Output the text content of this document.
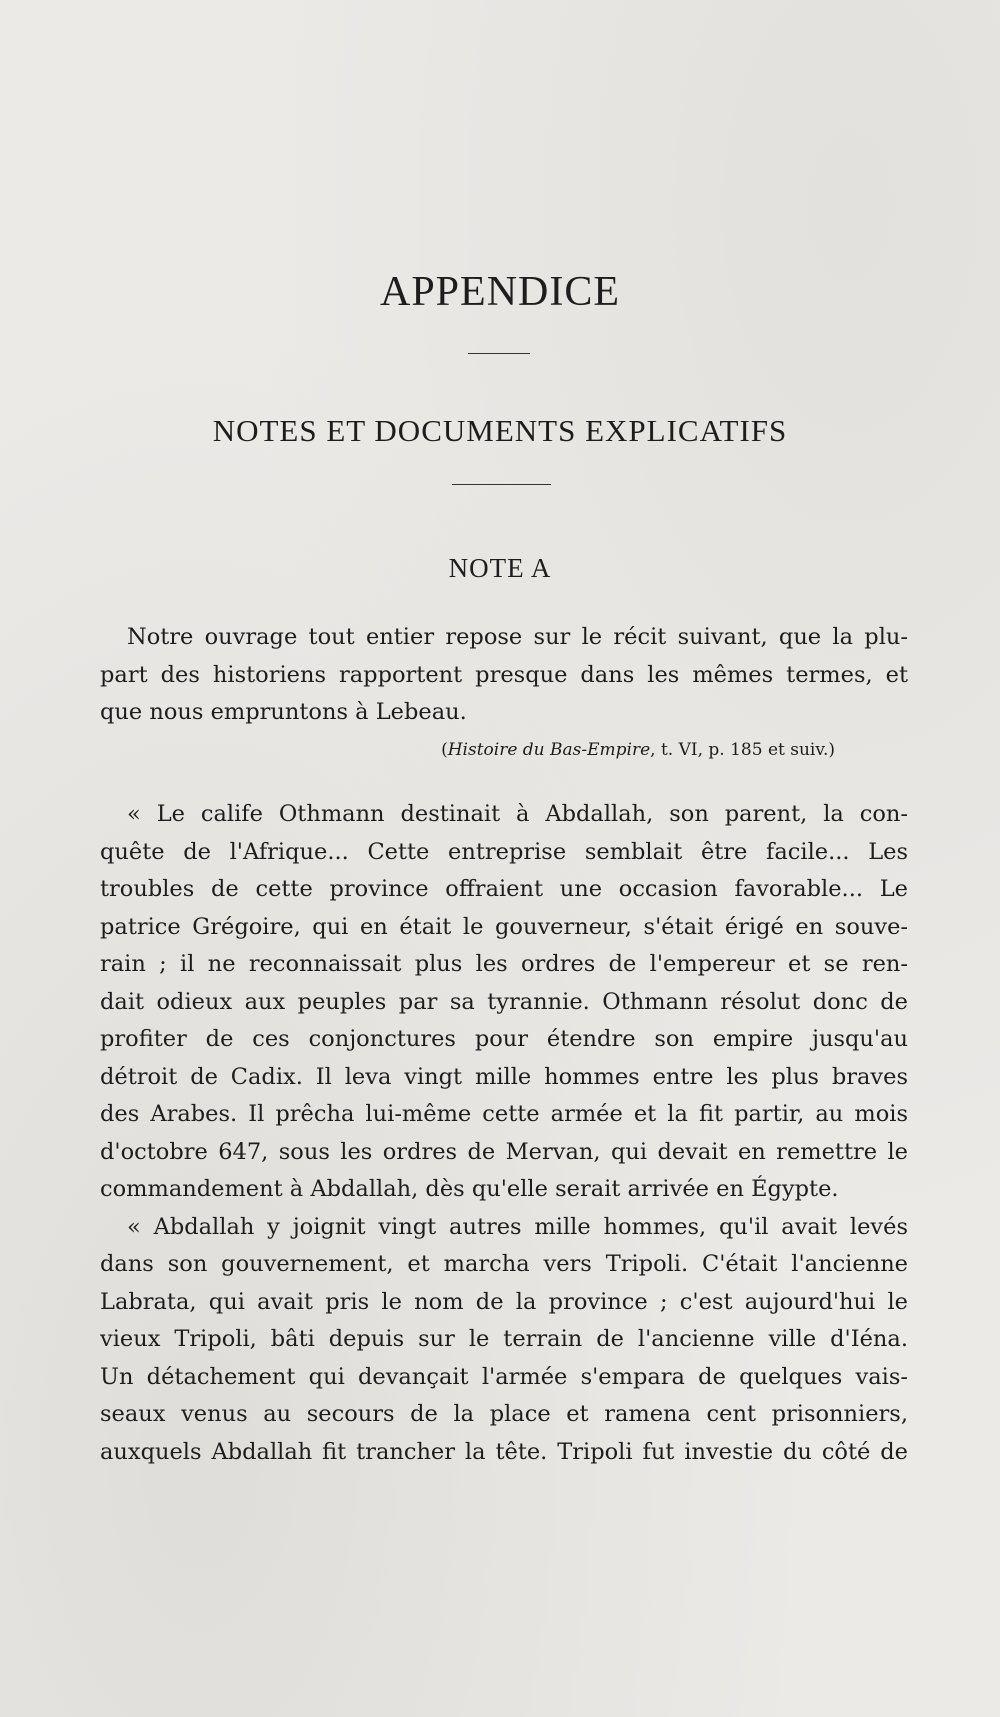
APPENDICE
NOTES ET DOCUMENTS EXPLICATIFS
NOTE A
Notre ouvrage tout entier repose sur le récit suivant, que la plu-
part des historiens rapportent presque dans les mêmes termes, et
que nous empruntons à Lebeau.

(Histoire du Bas-Empire, t. VI, p. 185 et suiv.)

« Le calife Othmann destinait à Abdallah, son parent, la con-
quête de l'Afrique... Cette entreprise semblait être facile... Les
troubles de cette province offraient une occasion favorable... Le
patrice Grégoire, qui en était le gouverneur, s'était érigé en souve-
rain ; il ne reconnaissait plus les ordres de l'empereur et se ren-
dait odieux aux peuples par sa tyrannie. Othmann résolut donc de
profiter de ces conjonctures pour étendre son empire jusqu'au
détroit de Cadix. Il leva vingt mille hommes entre les plus braves
des Arabes. Il prêcha lui-même cette armée et la fit partir, au mois
d'octobre 647, sous les ordres de Mervan, qui devait en remettre le
commandement à Abdallah, dès qu'elle serait arrivée en Égypte.
« Abdallah y joignit vingt autres mille hommes, qu'il avait levés
dans son gouvernement, et marcha vers Tripoli. C'était l'ancienne
Labrata, qui avait pris le nom de la province ; c'est aujourd'hui le
vieux Tripoli, bâti depuis sur le terrain de l'ancienne ville d'Iéna.
Un détachement qui devançait l'armée s'empara de quelques vais-
seaux venus au secours de la place et ramena cent prisonniers,
auxquels Abdallah fit trancher la tête. Tripoli fut investie du côté de
